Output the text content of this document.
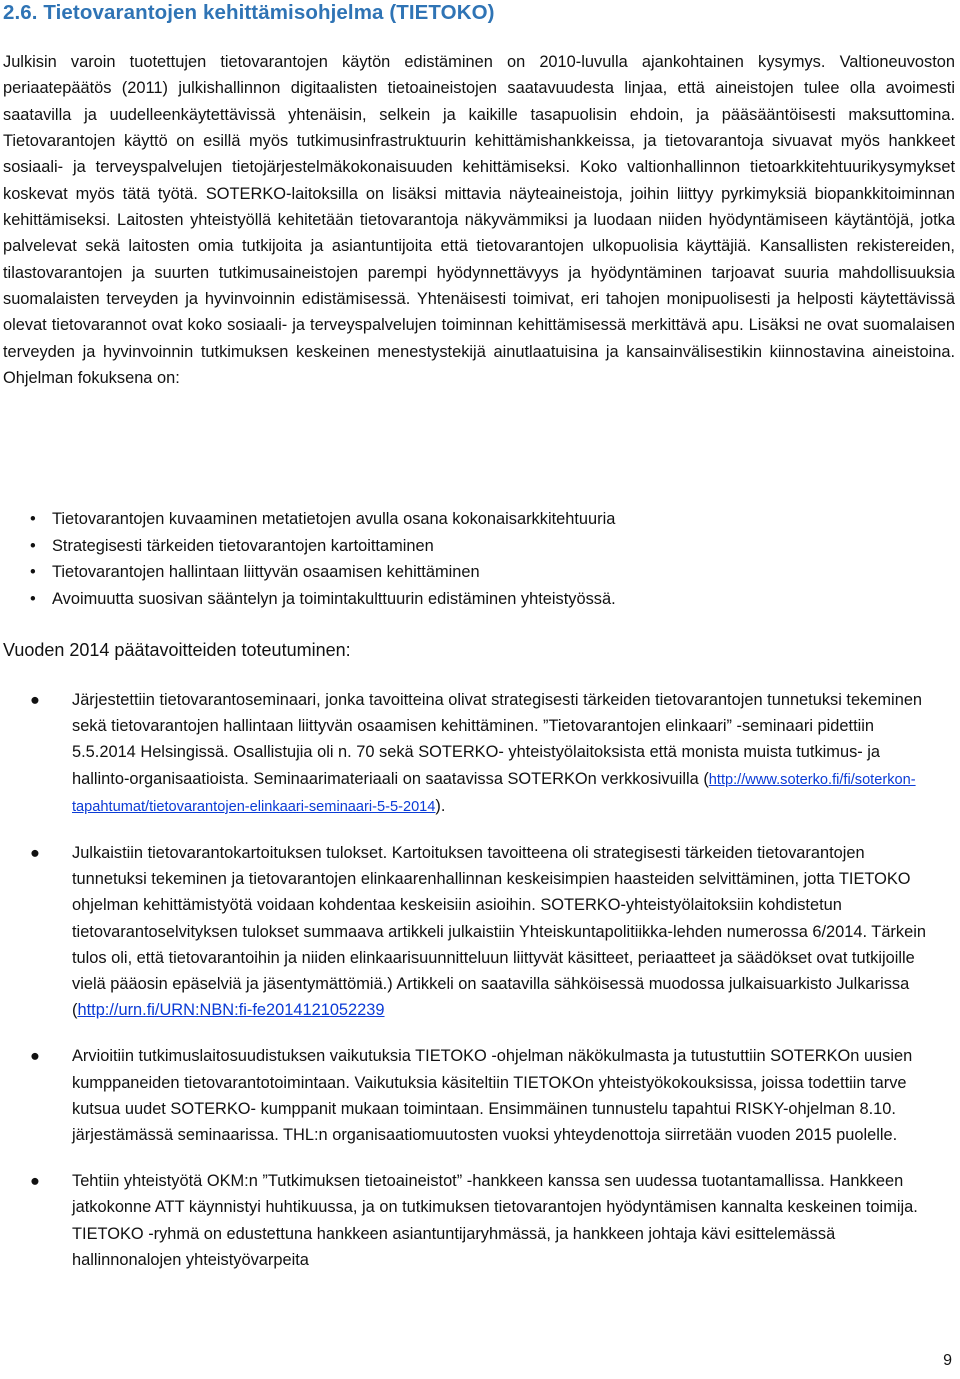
2.6. Tietovarantojen kehittämisohjelma (TIETOKO)

Julkisin varoin tuotettujen tietovarantojen käytön edistäminen on 2010-luvulla ajankohtainen kysymys. Valtioneuvoston periaatepäätös (2011) julkishallinnon digitaalisten tietoaineistojen saatavuudesta linjaa, että aineistojen tulee olla avoimesti saatavilla ja uudelleenkäytettävissä yhtenäisin, selkein ja kaikille tasapuolisin ehdoin, ja pääsääntöisesti maksuttomina. Tietovarantojen käyttö on esillä myös tutkimusinfrastruktuurin kehittämishankkeissa, ja tietovarantoja sivuavat myös hankkeet sosiaali- ja terveyspalvelujen tietojärjestelmäkokonaisuuden kehittämiseksi. Koko valtionhallinnon tietoarkkitehtuurikysymykset koskevat myös tätä työtä. SOTERKO-laitoksilla on lisäksi mittavia näyteaineistoja, joihin liittyy pyrkimyksiä biopankkitoiminnan kehittämiseksi. Laitosten yhteistyöllä kehitetään tietovarantoja näkyvämmiksi ja luodaan niiden hyödyntämiseen käytäntöjä, jotka palvelevat sekä laitosten omia tutkijoita ja asiantuntijoita että tietovarantojen ulkopuolisia käyttäjiä. Kansallisten rekistereiden, tilastovarantojen ja suurten tutkimusaineistojen parempi hyödynnettävyys ja hyödyntäminen tarjoavat suuria mahdollisuuksia suomalaisten terveyden ja hyvinvoinnin edistämisessä. Yhtenäisesti toimivat, eri tahojen monipuolisesti ja helposti käytettävissä olevat tietovarannot ovat koko sosiaali- ja terveyspalvelujen toiminnan kehittämisessä merkittävä apu. Lisäksi ne ovat suomalaisen terveyden ja hyvinvoinnin tutkimuksen keskeinen menestystekijä ainutlaatuisina ja kansainvälisestikin kiinnostavina aineistoina. Ohjelman fokuksena on:

• Tietovarantojen kuvaaminen metatietojen avulla osana kokonaisarkkitehtuuria
• Strategisesti tärkeiden tietovarantojen kartoittaminen
• Tietovarantojen hallintaan liittyvän osaamisen kehittäminen
• Avoimuutta suosivan sääntelyn ja toimintakulttuurin edistäminen yhteistyössä.
Vuoden 2014 päätavoitteiden toteutuminen:
● Järjestettiin tietovarantoseminaari, jonka tavoitteina olivat strategisesti tärkeiden tietovarantojen tunnetuksi tekeminen sekä tietovarantojen hallintaan liittyvän osaamisen kehittäminen. ”Tietovarantojen elinkaari” -seminaari pidettiin 5.5.2014 Helsingissä. Osallistujia oli n. 70 sekä SOTERKO- yhteistyölaitoksista että monista muista tutkimus- ja hallinto-organisaatioista. Seminaarimateriaali on saatavissa SOTERKOn verkkosivuilla (http://www.soterko.fi/fi/soterkon-tapahtumat/tietovarantojen-elinkaari-seminaari-5-5-2014).
● Julkaistiin tietovarantokartoituksen tulokset. Kartoituksen tavoitteena oli strategisesti tärkeiden tietovarantojen tunnetuksi tekeminen ja tietovarantojen elinkaarenhallinnan keskeisimpien haasteiden selvittäminen, jotta TIETOKO ohjelman kehittämistyötä voidaan kohdentaa keskeisiin asioihin. SOTERKO-yhteistyölaitoksiin kohdistetun tietovarantoselvityksen tulokset summaava artikkeli julkaistiin Yhteiskuntapolitiikka-lehden numerossa 6/2014. Tärkein tulos oli, että tietovarantoihin ja niiden elinkaarisuunnitteluun liittyvät käsitteet, periaatteet ja säädökset ovat tutkijoille vielä pääosin epäselviä ja jäsentymättömiä.) Artikkeli on saatavilla sähköisessä muodossa julkaisuarkisto Julkarissa (http://urn.fi/URN:NBN:fi-fe2014121052239
● Arvioitiin tutkimuslaitosuudistuksen vaikutuksia TIETOKO -ohjelman näkökulmasta ja tutustuttiin SOTERKOn uusien kumppaneiden tietovarantotoimintaan. Vaikutuksia käsiteltiin TIETOKOn yhteistyökokouksissa, joissa todettiin tarve kutsua uudet SOTERKO- kumppanit mukaan toimintaan. Ensimmäinen tunnustelu tapahtui RISKY-ohjelman 8.10. järjestämässä seminaarissa. THL:n organisaatiomuutosten vuoksi yhteydenottoja siirretään vuoden 2015 puolelle.
● Tehtiin yhteistyötä OKM:n ”Tutkimuksen tietoaineistot” -hankkeen kanssa sen uudessa tuotantamallissa. Hankkeen jatkokonne ATT käynnistyi huhtikuussa, ja on tutkimuksen tietovarantojen hyödyntämisen kannalta keskeinen toimija. TIETOKO -ryhmä on edustettuna hankkeen asiantuntijaryhmässä, ja hankkeen johtaja kävi esittelemässä hallinnonalojen yhteistyövarpeita
9
